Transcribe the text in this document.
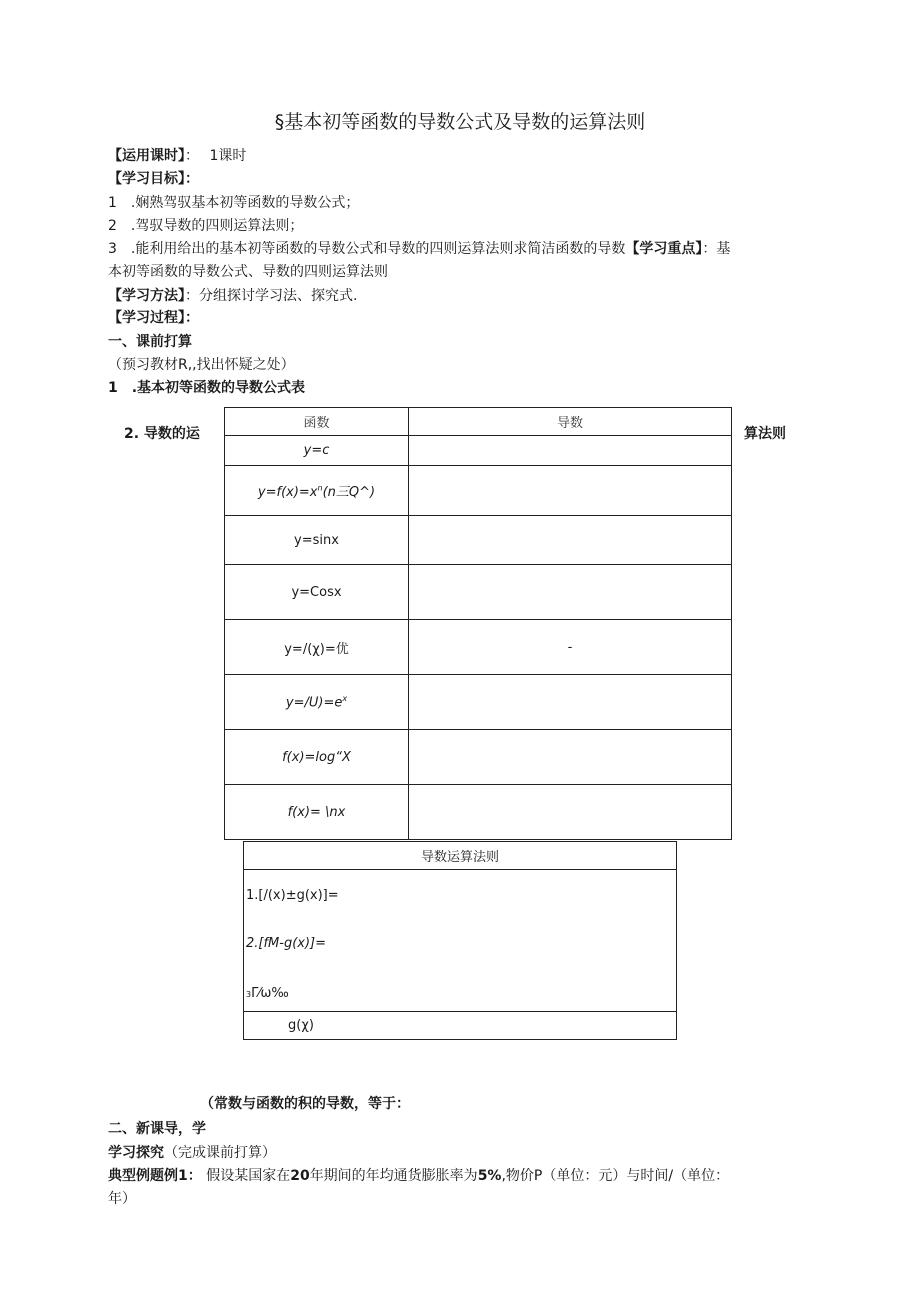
§基本初等函数的导数公式及导数的运算法则
【运用课时】： 1课时
【学习目标】：
1　.娴熟驾驭基本初等函数的导数公式；
2　.驾驭导数的四则运算法则；
3　.能利用给出的基本初等函数的导数公式和导数的四则运算法则求简洁函数的导数【学习重点】：基
本初等函数的导数公式、导数的四则运算法则
【学习方法】：分组探讨学习法、探究式.
【学习过程】：
一、课前打算
（预习教材R,,找出怀疑之处）
1　.基本初等函数的导数公式表
2. 导数的运	算法则
函数	导数
y=c	
$y=f(x)=x^n(n$三Q^)	
y=sinx	
y=Cosx	
y=/(χ)=优	-
$y=/U)=e^x$	
f(x)=log“X	
f(x)= \nx	
导数运算法则

1.[/(x)±g(x)]=
2.[fM-g(x)]=
3Γ⁄ω‰

g(χ)
（常数与函数的积的导数，等于：
二、新课导，学
学习探究（完成课前打算）
典型例题例1： 假设某国家在20年期间的年均通货膨胀率为5%,物价P（单位：元）与时间/（单位：
年）
